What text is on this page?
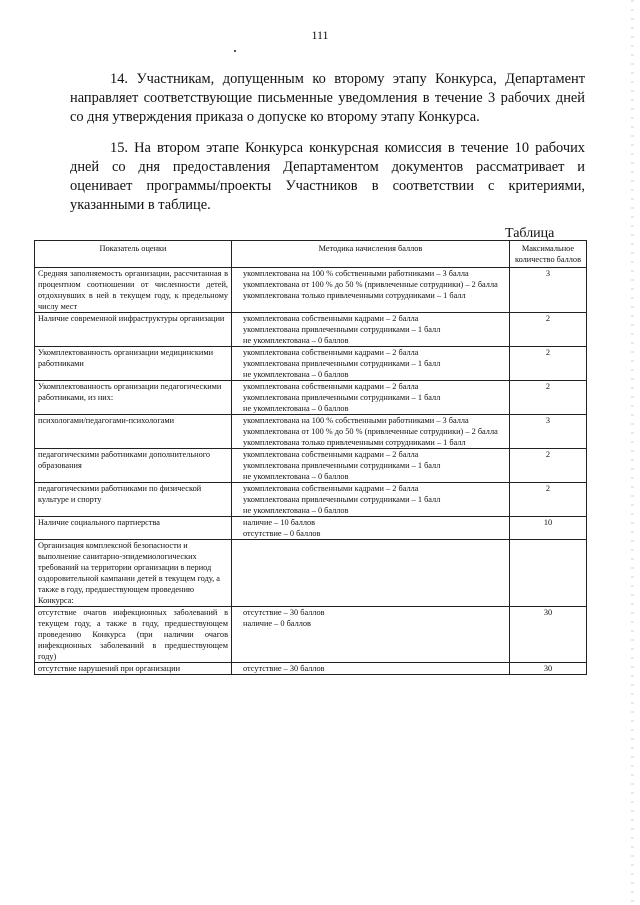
111
14. Участникам, допущенным ко второму этапу Конкурса, Департамент направляет соответствующие письменные уведомления в течение 3 рабочих дней со дня утверждения приказа о допуске ко второму этапу Конкурса.
15. На втором этапе Конкурса конкурсная комиссия в течение 10 рабочих дней со дня предоставления Департаментом документов рассматривает и оценивает программы/проекты Участников в соответствии с критериями, указанными в таблице.
Таблица
Показатель оценки	Методика начисления баллов	Максимальное количество баллов
Средняя заполняемость организации, рассчитанная в процентном соотношении от численности детей, отдохнувших в ней в текущем году, к предельному числу мест	укомплектована на 100 % собственными работниками – 3 балла
укомплектована от 100 % до 50 % (привлеченные сотрудники) – 2 балла
укомплектована только привлеченными сотрудниками – 1 балл	3
Наличие современной инфраструктуры организации	укомплектована собственными кадрами – 2 балла
укомплектована привлеченными сотрудниками – 1 балл
не укомплектована – 0 баллов	2
Укомплектованность организации медицинскими работниками	укомплектована собственными кадрами – 2 балла
укомплектована привлеченными сотрудниками – 1 балл
не укомплектована – 0 баллов	2
Укомплектованность организации педагогическими работниками, из них:	укомплектована собственными кадрами – 2 балла
укомплектована привлеченными сотрудниками – 1 балл
не укомплектована – 0 баллов	2
психологами/педагогами-психологами	укомплектована на 100 % собственными работниками – 3 балла
укомплектована от 100 % до 50 % (привлеченные сотрудники) – 2 балла
укомплектована только привлеченными сотрудниками – 1 балл	3
педагогическими работниками дополнительного образования	укомплектована собственными кадрами – 2 балла
укомплектована привлеченными сотрудниками – 1 балл
не укомплектована – 0 баллов	2
педагогическими работниками по физической культуре и спорту	укомплектована собственными кадрами – 2 балла
укомплектована привлеченными сотрудниками – 1 балл
не укомплектована – 0 баллов	2
Наличие социального партнерства	наличие – 10 баллов
отсутствие – 0 баллов	10
Организация комплексной безопасности и выполнение санитарно-эпидемиологических требований на территории организации в период оздоровительной кампании детей в текущем году, а также в году, предшествующем проведению Конкурса:		
отсутствие очагов инфекционных заболеваний в текущем году, а также в году, предшествующем проведению Конкурса (при наличии очагов инфекционных заболеваний в предшествующем году)	отсутствие – 30 баллов
наличие – 0 баллов	30
отсутствие нарушений при организации	отсутствие – 30 баллов	30
